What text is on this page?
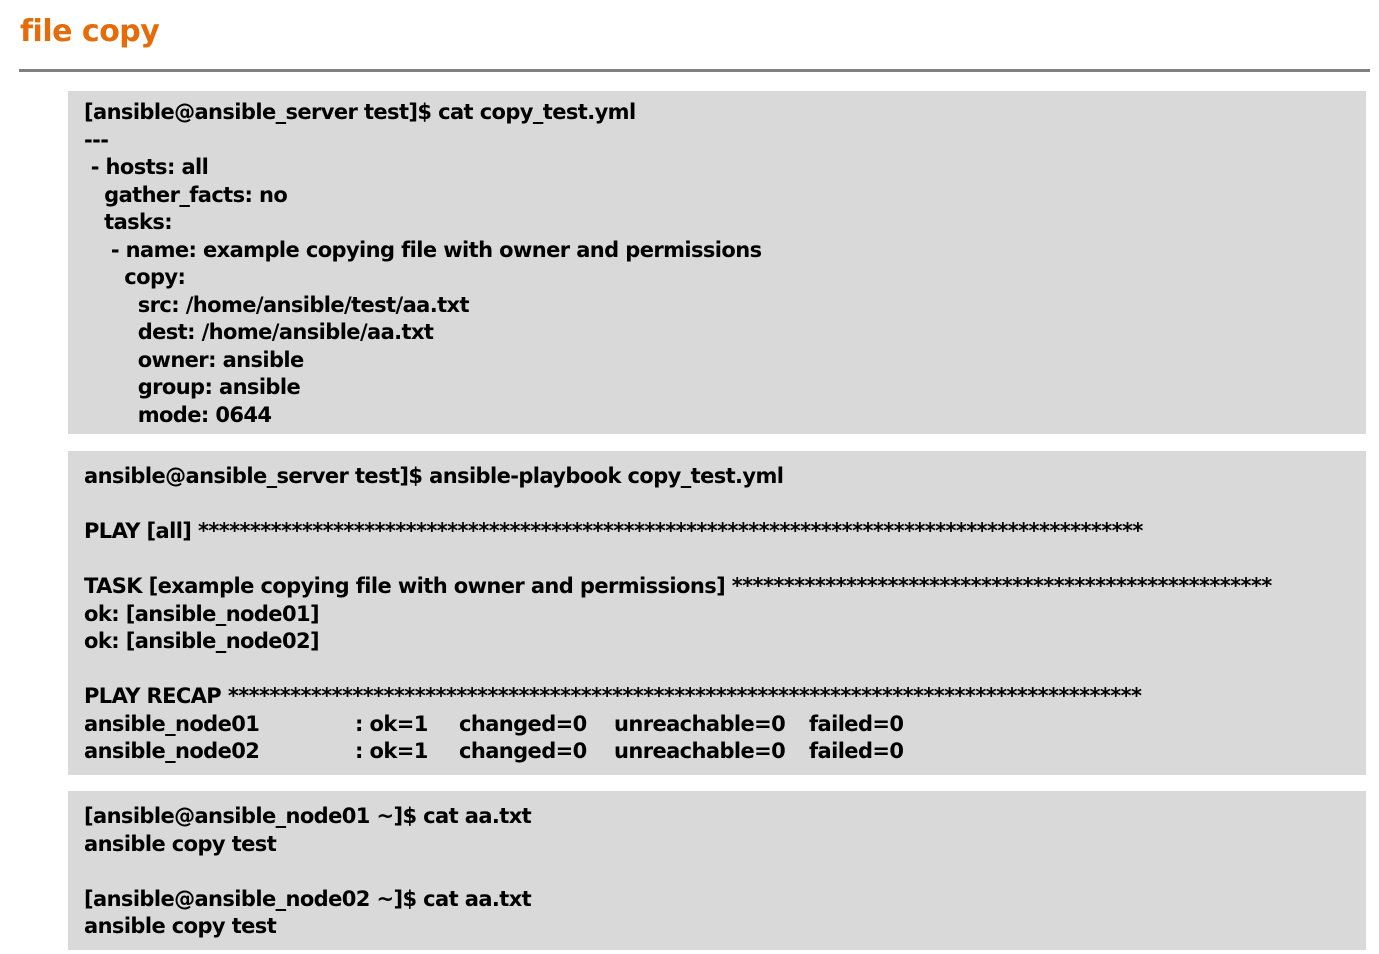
file copy
[ansible@ansible_server test]$ cat copy_test.yml
---
- hosts: all
gather_facts: no
tasks:
- name: example copying file with owner and permissions
copy:
src: /home/ansible/test/aa.txt
dest: /home/ansible/aa.txt
owner: ansible
group: ansible
mode: 0644
ansible@ansible_server test]$ ansible-playbook copy_test.yml
PLAY [all] *******************************************************************************************
TASK [example copying file with owner and permissions] ****************************************************
ok: [ansible_node01]
ok: [ansible_node02]
PLAY RECAP ****************************************************************************************

ansible_node01

	: ok=1

changed=0

unreachable=0

failed=0

ansible_node02

	: ok=1

changed=0

unreachable=0

failed=0

[ansible@ansible_node01 ~]$ cat aa.txt
ansible copy test
[ansible@ansible_node02 ~]$ cat aa.txt
ansible copy test
